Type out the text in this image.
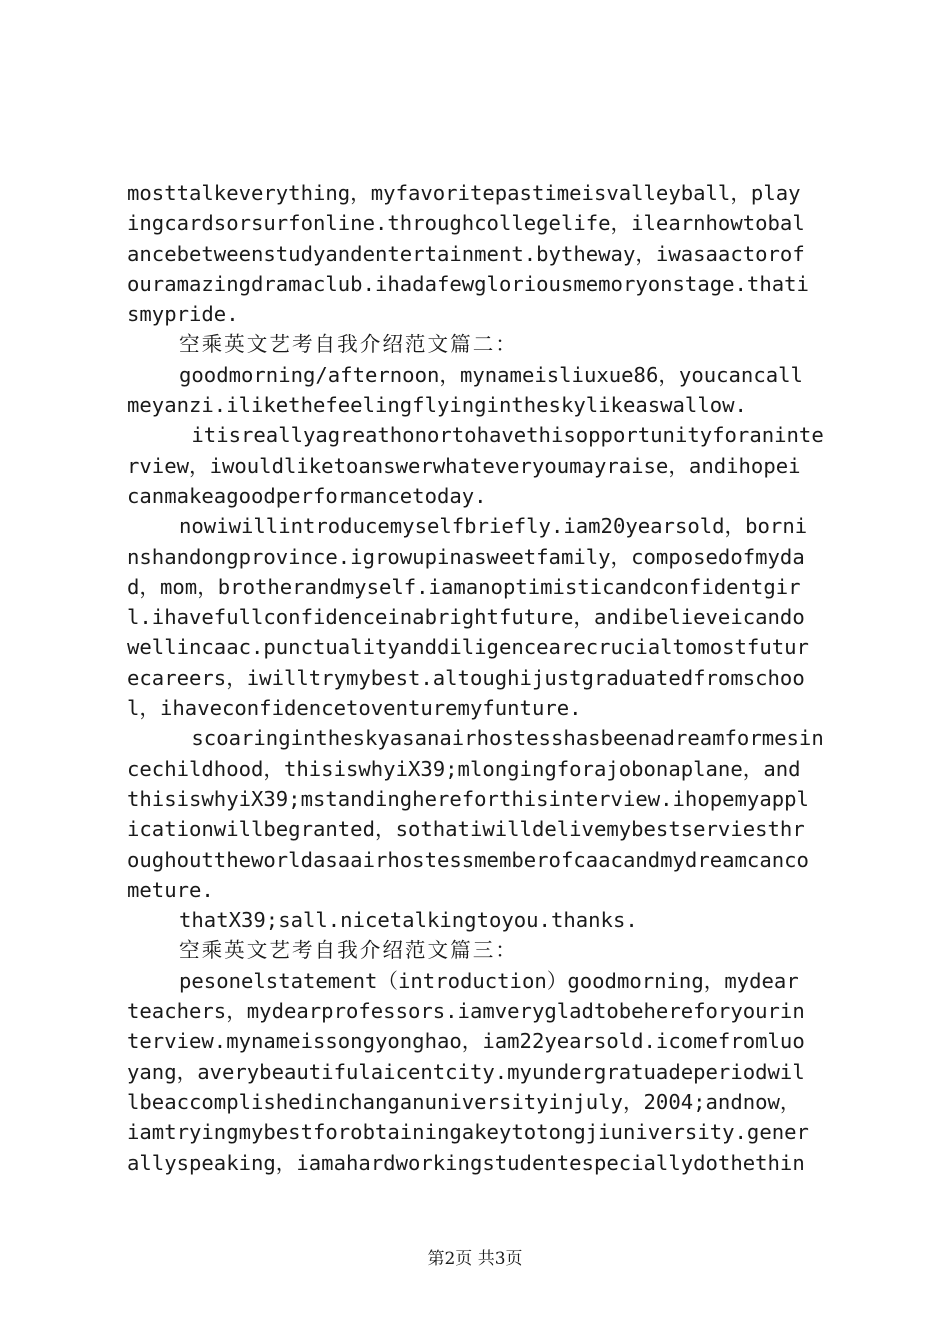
mosttalkeverything，myfavoritepastimeisvalleyball，play
ingcardsorsurfonline.throughcollegelife，ilearnhowtobal
ancebetweenstudyandentertainment.bytheway，iwasaactorof
ouramazingdramaclub.ihadafewgloriousmemoryonstage.thati
smypride.
空乘英文艺考自我介绍范文篇二：
goodmorning/afternoon，mynameisliuxue86，youcancall
meyanzi.ilikethefeelingflyingintheskylikeaswallow.
itisreallyagreathonortohavethisopportunityforaninte
rview，iwouldliketoanswerwhateveryoumayraise，andihopei
canmakeagoodperformancetoday.
nowiwillintroducemyselfbriefly.iam20yearsold，borni
nshandongprovince.igrowupinasweetfamily，composedofmyda
d，mom，brotherandmyself.iamanoptimisticandconfidentgir
l.ihavefullconfidenceinabrightfuture，andibelieveicando
wellincaac.punctualityanddiligencearecrucialtomostfutur
ecareers，iwilltrymybest.altoughijustgraduatedfromschoo
l，ihaveconfidencetoventuremyfunture.
scoaringintheskyasanairhostesshasbeenadreamformesin
cechildhood，thisiswhyiX39;mlongingforajobonaplane，and
thisiswhyiX39;mstandinghereforthisinterview.ihopemyappl
icationwillbegranted，sothatiwilldelivemybestserviesthr
oughouttheworldasaairhostessmemberofcaacandmydreamcanco
meture.
thatX39;sall.nicetalkingtoyou.thanks.
空乘英文艺考自我介绍范文篇三：
pesonelstatement（introduction）goodmorning，mydear
teachers，mydearprofessors.iamverygladtobehereforyourin
terview.mynameissongyonghao，iam22yearsold.icomefromluo
yang，averybeautifulaicentcity.myundergratuadeperiodwil
lbeaccomplishedinchanganuniversityinjuly，2004;andnow，
iamtryingmybestforobtainingakeytotongjiuniversity.gener
allyspeaking，iamahardworkingstudentespeciallydothethin
第2页 共3页
